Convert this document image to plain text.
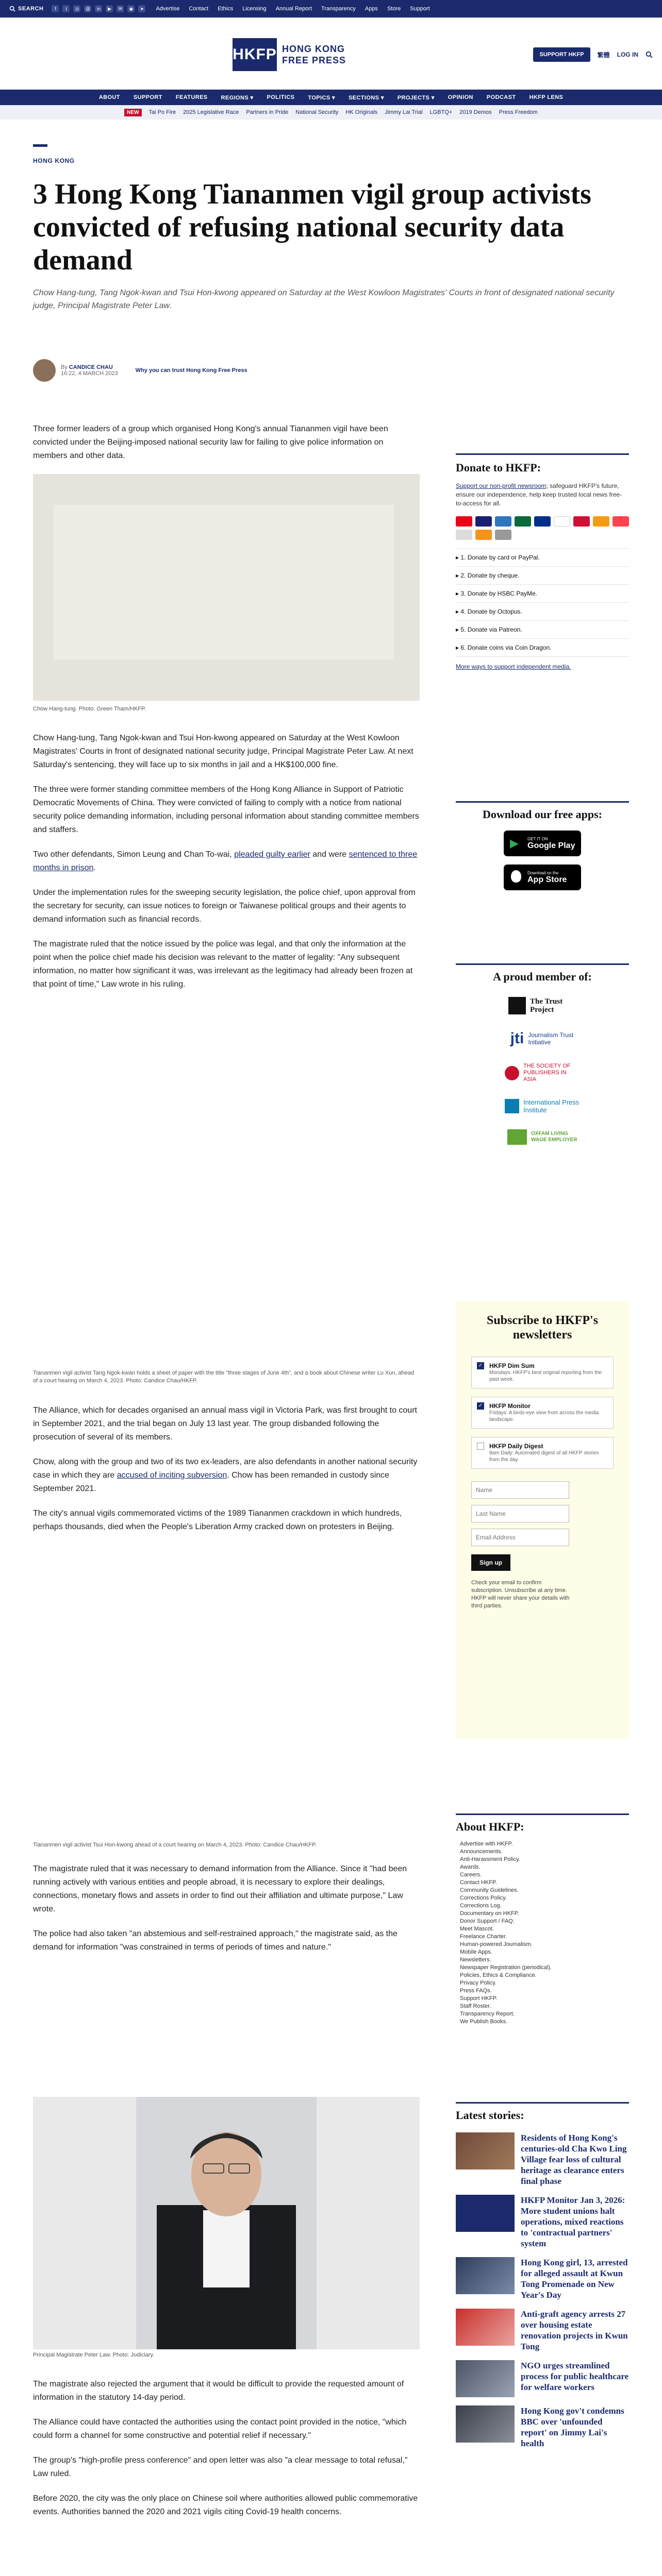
SEARCH	f	t	◎	@	in	▶	✉	◉	➤ Advertise Contact Ethics Licensing Annual Report Transparency Apps Store Support
HKFP HONG KONG
FREE PRESS
SUPPORT HKFP	繁體 LOG IN
ABOUT SUPPORT FEATURES REGIONS ▾ POLITICS TOPICS ▾ SECTIONS ▾ PROJECTS ▾ OPINION PODCAST HKFP LENS
NEW	Tai Po Fire 2025 Legislative Race Partners in Pride National Security HK Originals Jimmy Lai Trial LGBTQ+ 2019 Demos Press Freedom
HONG KONG
3 Hong Kong Tiananmen vigil group activists convicted of refusing national security data demand

Chow Hang-tung, Tang Ngok-kwan and Tsui Hon-kwong appeared on Saturday at the West Kowloon Magistrates' Courts in front of designated national security judge, Principal Magistrate Peter Law.

By CANDICE CHAU
16:22, 4 MARCH 2023	Why you can trust Hong Kong Free Press

Three former leaders of a group which organised Hong Kong's annual Tiananmen vigil have been convicted under the Beijing-imposed national security law for failing to give police information on members and other data.

Chow Hang-tung. Photo: Green Tham/HKFP.

Chow Hang-tung, Tang Ngok-kwan and Tsui Hon-kwong appeared on Saturday at the West Kowloon Magistrates' Courts in front of designated national security judge, Principal Magistrate Peter Law. At next Saturday's sentencing, they will face up to six months in jail and a HK$100,000 fine.

The three were former standing committee members of the Hong Kong Alliance in Support of Patriotic Democratic Movements of China. They were convicted of failing to comply with a notice from national security police demanding information, including personal information about standing committee members and staffers.

Two other defendants, Simon Leung and Chan To-wai, pleaded guilty earlier and were sentenced to three months in prison.

Under the implementation rules for the sweeping security legislation, the police chief, upon approval from the secretary for security, can issue notices to foreign or Taiwanese political groups and their agents to demand information such as financial records.

The magistrate ruled that the notice issued by the police was legal, and that only the information at the point when the police chief made his decision was relevant to the matter of legality: "Any subsequent information, no matter how significant it was, was irrelevant as the legitimacy had already been frozen at that point of time," Law wrote in his ruling.

Tiananmen vigil activist Tang Ngok-kwan holds a sheet of paper with the title "three stages of June 4th", and a book about Chinese writer Lu Xun, ahead of a court hearing on March 4, 2023. Photo: Candice Chau/HKFP.

The Alliance, which for decades organised an annual mass vigil in Victoria Park, was first brought to court in September 2021, and the trial began on July 13 last year. The group disbanded following the prosecution of several of its members.

Chow, along with the group and two of its two ex-leaders, are also defendants in another national security case in which they are accused of inciting subversion. Chow has been remanded in custody since September 2021.

The city's annual vigils commemorated victims of the 1989 Tiananmen crackdown in which hundreds, perhaps thousands, died when the People's Liberation Army cracked down on protesters in Beijing.

Tiananmen vigil activist Tsui Hon-kwong ahead of a court hearing on March 4, 2023. Photo: Candice Chau/HKFP.

The magistrate ruled that it was necessary to demand information from the Alliance. Since it "had been running actively with various entities and people abroad, it is necessary to explore their dealings, connections, monetary flows and assets in order to find out their affiliation and ultimate purpose," Law wrote.

The police had also taken "an abstemious and self-restrained approach," the magistrate said, as the demand for information "was constrained in terms of periods of times and nature."

Principal Magistrate Peter Law. Photo: Judiciary.

The magistrate also rejected the argument that it would be difficult to provide the requested amount of information in the statutory 14-day period.

The Alliance could have contacted the authorities using the contact point provided in the notice, "which could form a channel for some constructive and potential relief if necessary."

The group's "high-profile press conference" and open letter was also "a clear message to total refusal," Law ruled.

Before 2020, the city was the only place on Chinese soil where authorities allowed public commemorative events. Authorities banned the 2020 and 2021 vigils citing Covid-19 health concerns.

Donate to HKFP:

Support our non-profit newsroom; safeguard HKFP's future, ensure our independence, help keep trusted local news free-to-access for all.

▸ 1. Donate by card or PayPal.
▸ 2. Donate by cheque.
▸ 3. Donate by HSBC PayMe.
▸ 4. Donate by Octopus.
▸ 5. Donate via Patreon.
▸ 6. Donate coins via Coin Dragon.
More ways to support independent media.
Download our free apps:
▶ GET IT ON
Google Play
Download on the
App Store
A proud member of:
The Trust Project
jti Journalism Trust Initiative
THE SOCIETY OF PUBLISHERS IN ASIA
International Press Institute
OXFAM LIVING WAGE EMPLOYER
Subscribe to HKFP's newsletters
✓ HKFP Dim Sum
Mondays: HKFP's best original reporting from the past week.
✓ HKFP Monitor
Fridays: A birds-eye view from across the media landscape.
HKFP Daily Digest
8am Daily: Automated digest of all HKFP stories from the day.
Name
Last Name
Email Address
Sign up

Check your email to confirm subscription. Unsubscribe at any time. HKFP will never share your details with third parties.

About HKFP:
Advertise with HKFP.
Announcements.
Anti-Harassment Policy.
Awards.
Careers.
Contact HKFP.
Community Guidelines.
Corrections Policy.
Corrections Log.
Documentary on HKFP.
Donor Support / FAQ.
Meet Mascot.
Freelance Charter.
Human-powered Journalism.
Mobile Apps.
Newsletters.
Newspaper Registration (periodical).
Policies, Ethics & Compliance.
Privacy Policy.
Press FAQs.
Support HKFP.
Staff Roster.
Transparency Report.
We Publish Books.
Latest stories:
Residents of Hong Kong's centuries-old Cha Kwo Ling Village fear loss of cultural heritage as clearance enters final phase
HKFP Monitor Jan 3, 2026: More student unions halt operations, mixed reactions to 'contractual partners' system
Hong Kong girl, 13, arrested for alleged assault at Kwun Tong Promenade on New Year's Day
Anti-graft agency arrests 27 over housing estate renovation projects in Kwun Tong
NGO urges streamlined process for public healthcare for welfare workers
Hong Kong gov't condemns BBC over 'unfounded report' on Jimmy Lai's health
